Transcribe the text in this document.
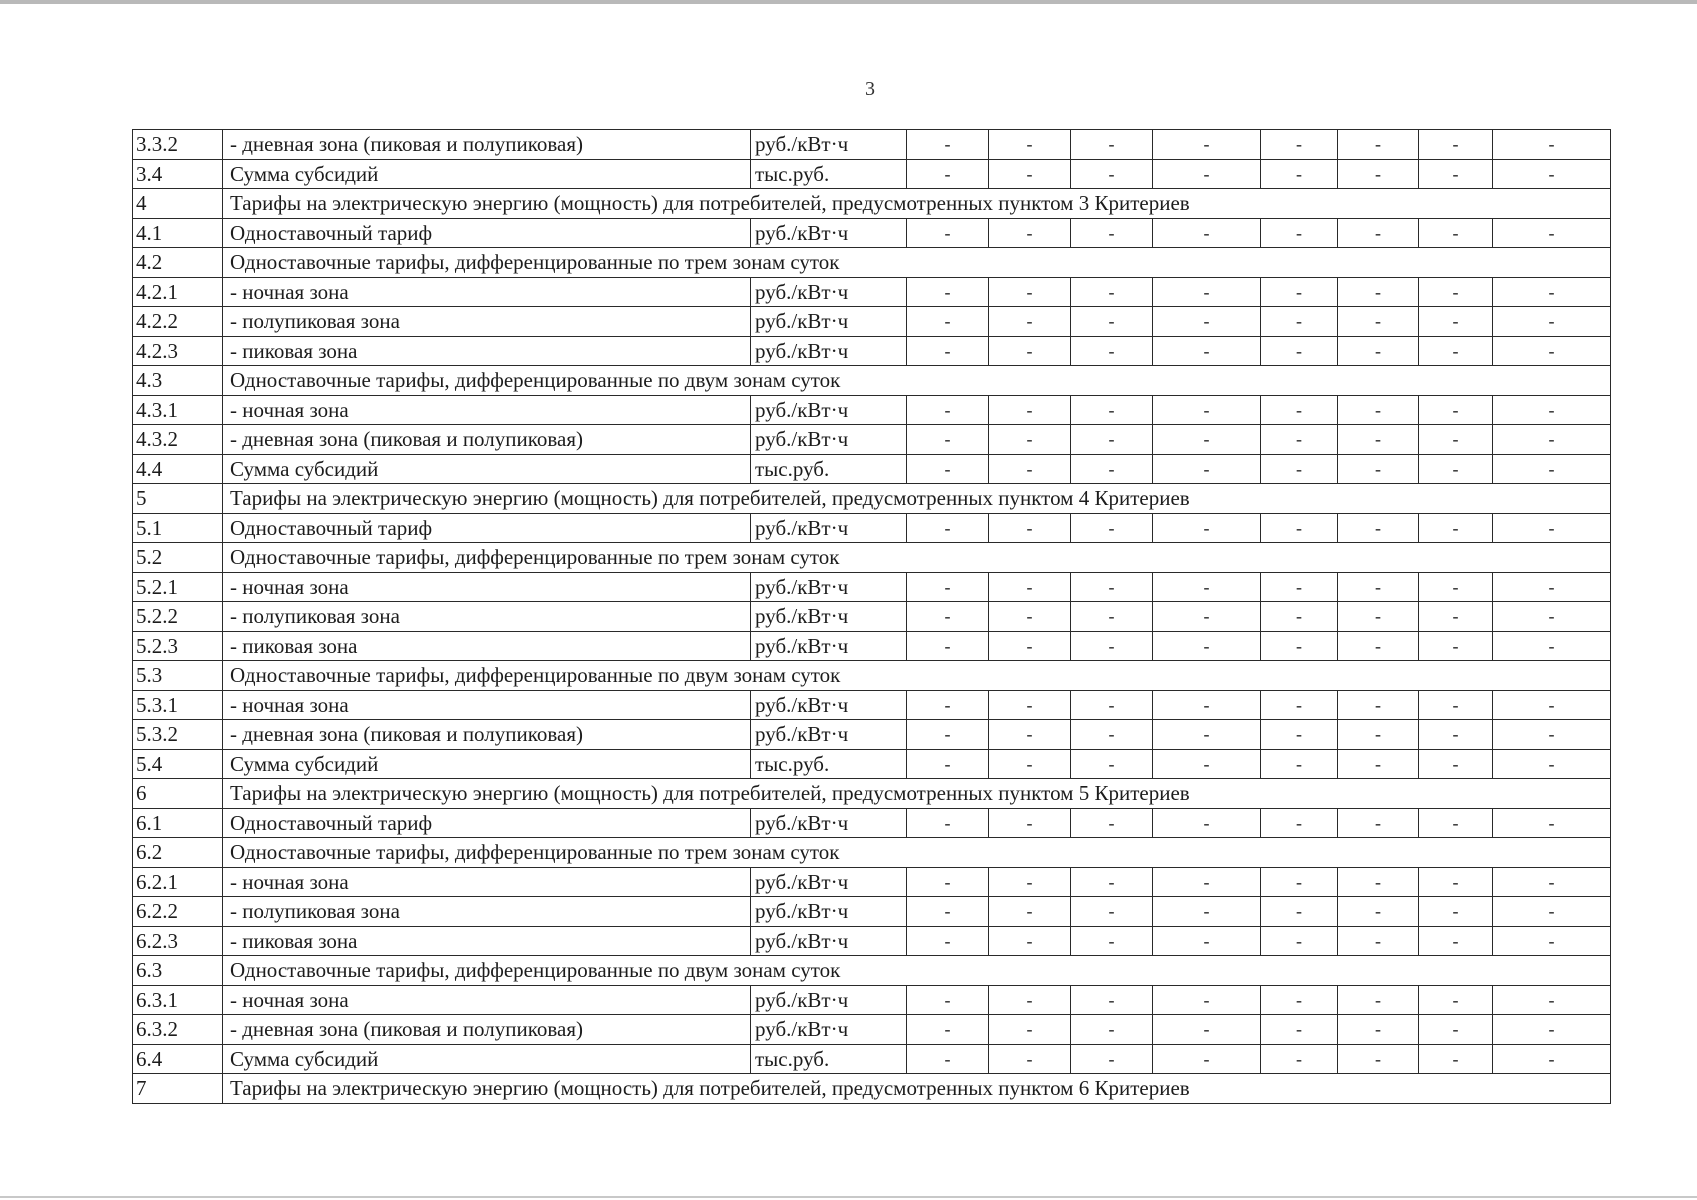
3
3.3.2	- дневная зона (пиковая и полупиковая)	руб./кВт·ч	-	-	-	-	-	-	-	-
3.4	Сумма субсидий	тыс.руб.	-	-	-	-	-	-	-	-
4	Тарифы на электрическую энергию (мощность) для потребителей, предусмотренных пунктом 3 Критериев									
4.1	Одноставочный тариф	руб./кВт·ч	-	-	-	-	-	-	-	-
4.2	Одноставочные тарифы, дифференцированные по трем зонам суток									
4.2.1	- ночная зона	руб./кВт·ч	-	-	-	-	-	-	-	-
4.2.2	- полупиковая зона	руб./кВт·ч	-	-	-	-	-	-	-	-
4.2.3	- пиковая зона	руб./кВт·ч	-	-	-	-	-	-	-	-
4.3	Одноставочные тарифы, дифференцированные по двум зонам суток									
4.3.1	- ночная зона	руб./кВт·ч	-	-	-	-	-	-	-	-
4.3.2	- дневная зона (пиковая и полупиковая)	руб./кВт·ч	-	-	-	-	-	-	-	-
4.4	Сумма субсидий	тыс.руб.	-	-	-	-	-	-	-	-
5	Тарифы на электрическую энергию (мощность) для потребителей, предусмотренных пунктом 4 Критериев									
5.1	Одноставочный тариф	руб./кВт·ч	-	-	-	-	-	-	-	-
5.2	Одноставочные тарифы, дифференцированные по трем зонам суток									
5.2.1	- ночная зона	руб./кВт·ч	-	-	-	-	-	-	-	-
5.2.2	- полупиковая зона	руб./кВт·ч	-	-	-	-	-	-	-	-
5.2.3	- пиковая зона	руб./кВт·ч	-	-	-	-	-	-	-	-
5.3	Одноставочные тарифы, дифференцированные по двум зонам суток									
5.3.1	- ночная зона	руб./кВт·ч	-	-	-	-	-	-	-	-
5.3.2	- дневная зона (пиковая и полупиковая)	руб./кВт·ч	-	-	-	-	-	-	-	-
5.4	Сумма субсидий	тыс.руб.	-	-	-	-	-	-	-	-
6	Тарифы на электрическую энергию (мощность) для потребителей, предусмотренных пунктом 5 Критериев									
6.1	Одноставочный тариф	руб./кВт·ч	-	-	-	-	-	-	-	-
6.2	Одноставочные тарифы, дифференцированные по трем зонам суток									
6.2.1	- ночная зона	руб./кВт·ч	-	-	-	-	-	-	-	-
6.2.2	- полупиковая зона	руб./кВт·ч	-	-	-	-	-	-	-	-
6.2.3	- пиковая зона	руб./кВт·ч	-	-	-	-	-	-	-	-
6.3	Одноставочные тарифы, дифференцированные по двум зонам суток									
6.3.1	- ночная зона	руб./кВт·ч	-	-	-	-	-	-	-	-
6.3.2	- дневная зона (пиковая и полупиковая)	руб./кВт·ч	-	-	-	-	-	-	-	-
6.4	Сумма субсидий	тыс.руб.	-	-	-	-	-	-	-	-
7	Тарифы на электрическую энергию (мощность) для потребителей, предусмотренных пунктом 6 Критериев									
